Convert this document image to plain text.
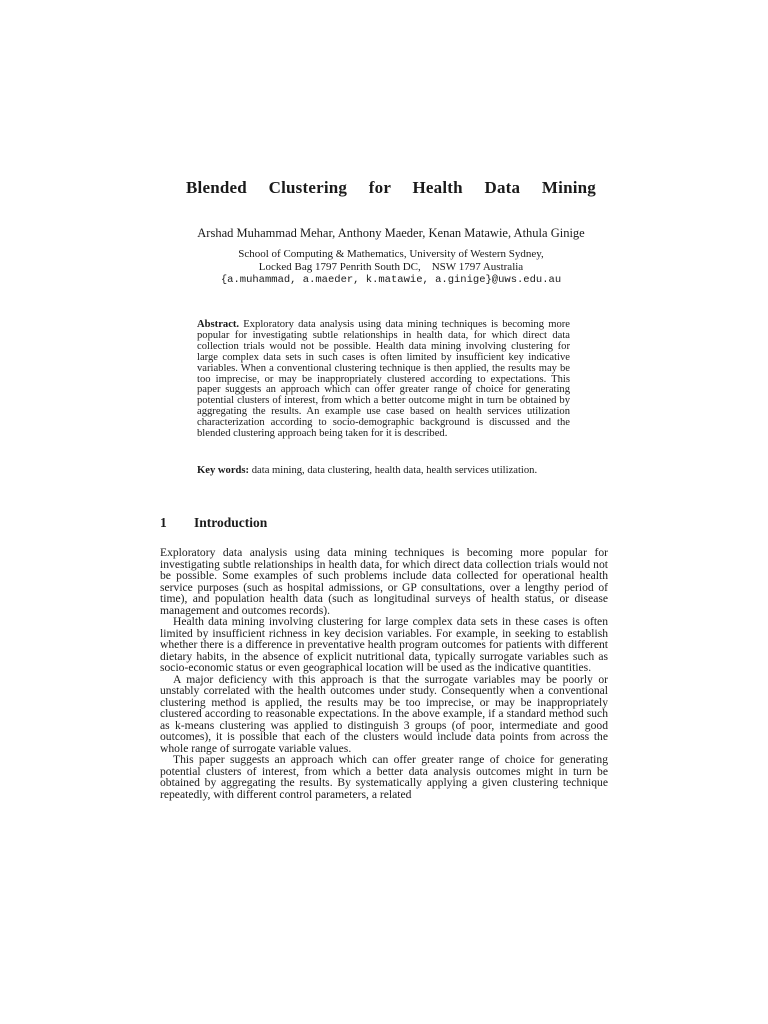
Blended Clustering for Health Data Mining

Arshad Muhammad Mehar, Anthony Maeder, Kenan Matawie, Athula Ginige

School of Computing & Mathematics, University of Western Sydney,
Locked Bag 1797 Penrith South DC,    NSW 1797 Australia
{a.muhammad, a.maeder, k.matawie, a.ginige}@uws.edu.au

Abstract. Exploratory data analysis using data mining techniques is becoming more popular for investigating subtle relationships in health data, for which direct data collection trials would not be possible. Health data mining involving clustering for large complex data sets in such cases is often limited by insufficient key indicative variables. When a conventional clustering technique is then applied, the results may be too imprecise, or may be inappropriately clustered according to expectations. This paper suggests an approach which can offer greater range of choice for generating potential clusters of interest, from which a better outcome might in turn be obtained by aggregating the results. An example use case based on health services utilization characterization according to socio-demographic background is discussed and the blended clustering approach being taken for it is described.

Key words: data mining, data clustering, health data, health services utilization.

1 Introduction

Exploratory data analysis using data mining techniques is becoming more popular for investigating subtle relationships in health data, for which direct data collection trials would not be possible. Some examples of such problems include data collected for operational health service purposes (such as hospital admissions, or GP consultations, over a lengthy period of time), and population health data (such as longitudinal surveys of health status, or disease management and outcomes records).

Health data mining involving clustering for large complex data sets in these cases is often limited by insufficient richness in key decision variables. For example, in seeking to establish whether there is a difference in preventative health program outcomes for patients with different dietary habits, in the absence of explicit nutritional data, typically surrogate variables such as socio-economic status or even geographical location will be used as the indicative quantities.

A major deficiency with this approach is that the surrogate variables may be poorly or unstably correlated with the health outcomes under study. Consequently when a conventional clustering method is applied, the results may be too imprecise, or may be inappropriately clustered according to reasonable expectations. In the above example, if a standard method such as k-means clustering was applied to distinguish 3 groups (of poor, intermediate and good outcomes), it is possible that each of the clusters would include data points from across the whole range of surrogate variable values.

This paper suggests an approach which can offer greater range of choice for generating potential clusters of interest, from which a better data analysis outcomes might in turn be obtained by aggregating the results. By systematically applying a given clustering technique repeatedly, with different control parameters, a related
